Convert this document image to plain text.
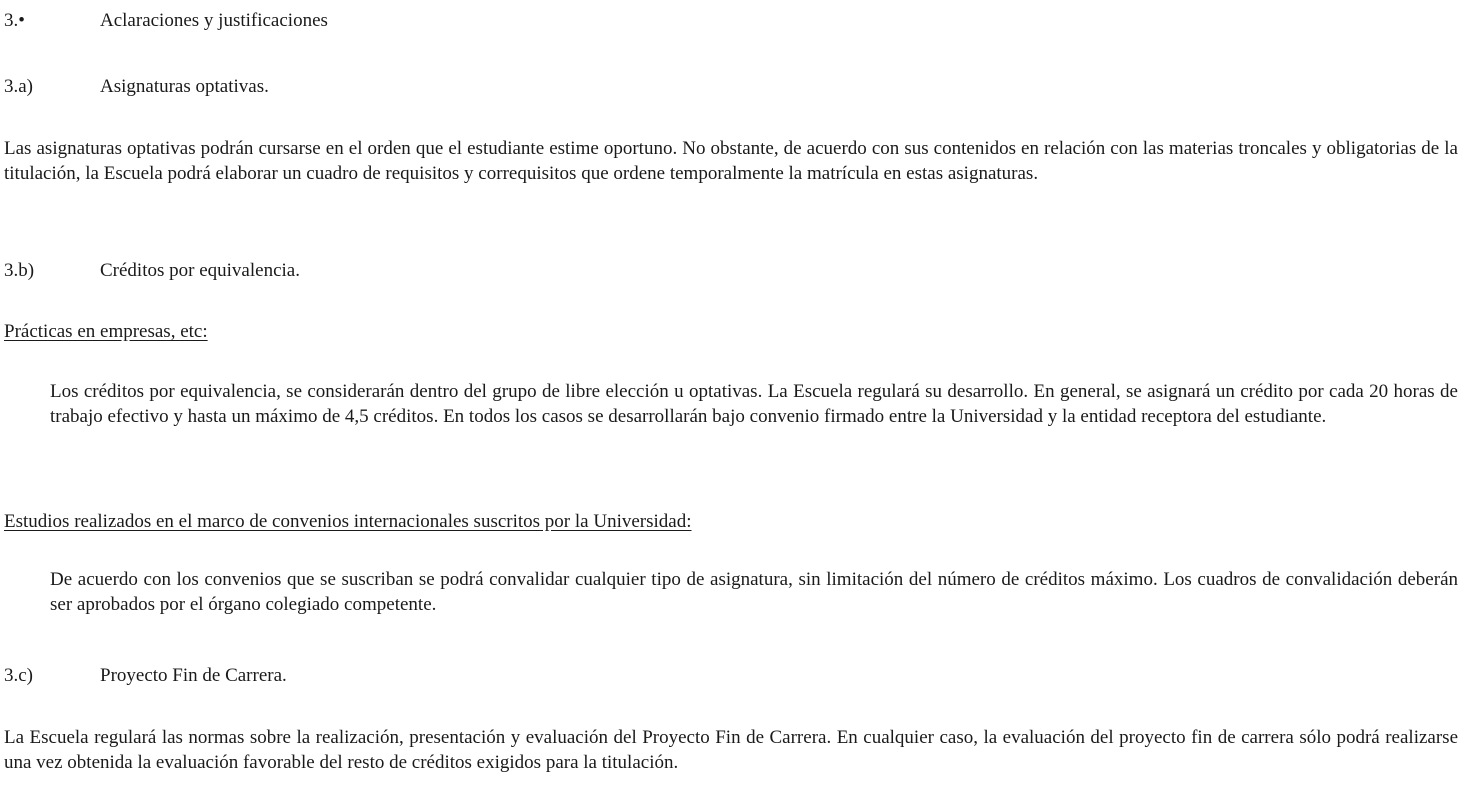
3.•	Aclaraciones y justificaciones
3.a)	Asignaturas optativas.

Las asignaturas optativas podrán cursarse en el orden que el estudiante estime oportuno. No obstante, de acuerdo con sus contenidos en relación con las materias troncales y obligatorias de la titulación, la Escuela podrá elaborar un cuadro de requisitos y correquisitos que ordene temporalmente la matrícula en estas asignaturas.

3.b)	Créditos por equivalencia.
Prácticas en empresas, etc:

Los créditos por equivalencia, se considerarán dentro del grupo de libre elección u optativas. La Escuela regulará su desarrollo. En general, se asignará un crédito por cada 20 horas de trabajo efectivo y hasta un máximo de 4,5 créditos. En todos los casos se desarrollarán bajo convenio firmado entre la Universidad y la entidad receptora del estudiante.

Estudios realizados en el marco de convenios internacionales suscritos por la Universidad:

De acuerdo con los convenios que se suscriban se podrá convalidar cualquier tipo de asignatura, sin limitación del número de créditos máximo. Los cuadros de convalidación deberán ser aprobados por el órgano colegiado competente.

3.c)	Proyecto Fin de Carrera.

La Escuela regulará las normas sobre la realización, presentación y evaluación del Proyecto Fin de Carrera. En cualquier caso, la evaluación del proyecto fin de carrera sólo podrá realizarse una vez obtenida la evaluación favorable del resto de créditos exigidos para la titulación.
